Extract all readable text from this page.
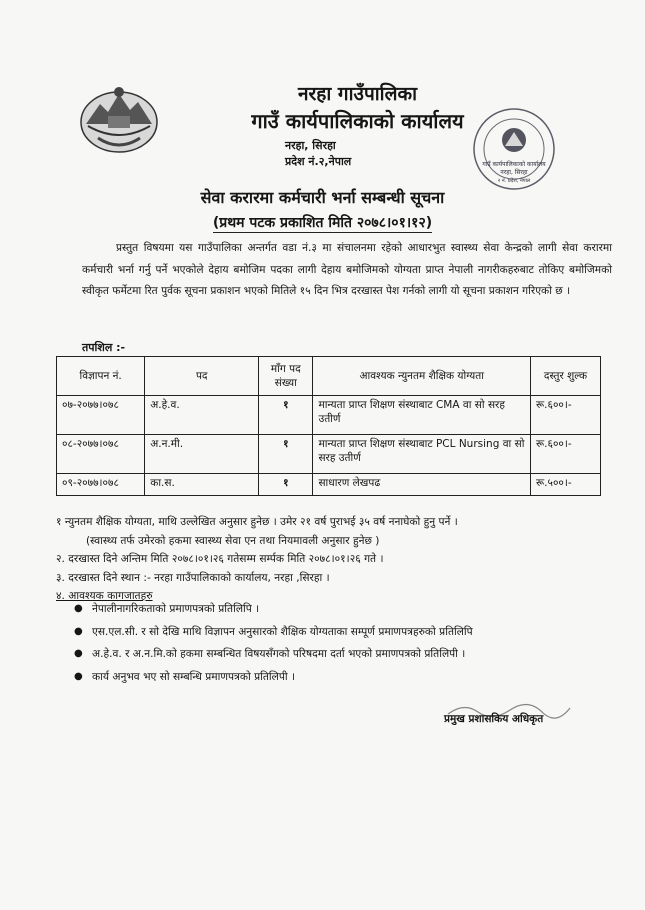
नरहा गाउँपालिका
गाउँ कार्यपालिकाको कार्यालय
नरहा, सिरहा
प्रदेश नं.२,नेपाल	गाउँ कार्यपालिकाको कार्यालय
नरहा, सिरहा
२ नं. प्रदेश, नेपाल
सेवा करारमा कर्मचारी भर्ना सम्बन्धी सूचना
(प्रथम पटक प्रकाशित मिति २०७८।०१।१२)
प्रस्तुत विषयमा यस गाउँपालिका अन्तर्गत वडा नं.३ मा संचालनमा रहेको आधारभुत स्वास्थ्य सेवा केन्द्रको लागी सेवा करारमा कर्मचारी भर्ना गर्नु पर्ने भएकोले देहाय बमोजिम पदका लागी देहाय बमोजिमको योग्यता प्राप्त नेपाली नागरीकहरुबाट तोकिए बमोजिमको स्वीकृत फर्मेटमा रित पुर्वक सूचना प्रकाशन भएको मितिले १५ दिन भित्र दरखास्त पेश गर्नको लागी यो सूचना प्रकाशन गरिएको छ ।
तपशिल :-
विज्ञापन नं.	पद	माँग पद संख्या	आवश्यक न्युनतम शैक्षिक योग्यता	दस्तुर शुल्क
०७-२०७७।०७८	अ.हे.व.	१	मान्यता प्राप्त शिक्षण संस्थाबाट CMA वा सो सरह उतीर्ण	रू.६००।-
०८-२०७७।०७८	अ.न.मी.	१	मान्यता प्राप्त शिक्षण संस्थाबाट PCL Nursing वा सो सरह उतीर्ण	रू.६००।-
०९-२०७७।०७८	का.स.	१	साधारण लेखपढ	रू.५००।-
१ न्युनतम शैक्षिक योग्यता, माथि उल्लेखित अनुसार हुनेछ । उमेर २१ वर्ष पुराभई ३५ वर्ष ननाघेको हुनु पर्ने ।
(स्वास्थ्य तर्फ उमेरको हकमा स्वास्थ्य सेवा एन तथा नियमावली अनुसार हुनेछ )
२. दरखास्त दिने अन्तिम मिति २०७८।०१।२६ गतेसम्म सर्म्पक मिति २०७८।०१।२६ गते ।
३. दरखास्त दिने स्थान :- नरहा गाउँपालिकाको कार्यालय, नरहा ,सिरहा ।
४. आवश्यक कागजातहरु
● नेपालीनागरिकताको प्रमाणपत्रको प्रतिलिपि ।
● एस.एल.सी. र सो देखि माथि विज्ञापन अनुसारको शैक्षिक योग्यताका सम्पूर्ण प्रमाणपत्रहरुको प्रतिलिपि
● अ.हे.व. र अ.न.मि.को हकमा सम्बन्धित विषयसँगको परिषदमा दर्ता भएको प्रमाणपत्रको प्रतिलिपी ।
● कार्य अनुभव भए सो सम्बन्धि प्रमाणपत्रको प्रतिलिपी ।
प्रमुख प्रशासकिय अधिकृत
